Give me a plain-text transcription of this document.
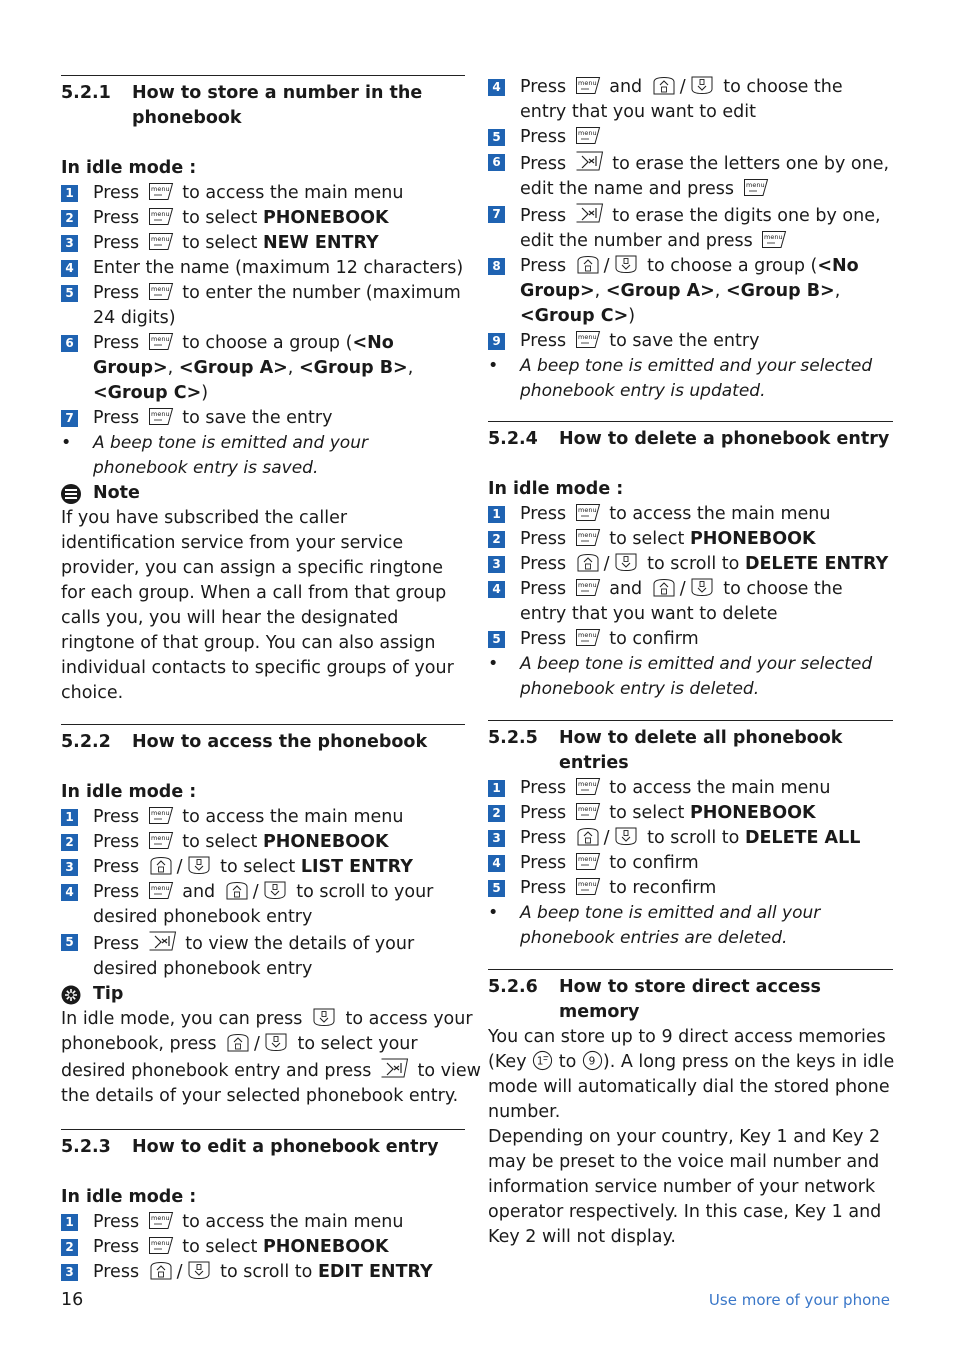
5.2.1	How to store a number in the phonebook
In idle mode :
1 Press to access the main menu
2 Press to select PHONEBOOK
3 Press to select NEW ENTRY
4 Enter the name (maximum 12 characters)
5 Press to enter the number (maximum 24 digits)
6 Press to choose a group (<No Group>, <Group A>, <Group B>, <Group C>)
7 Press to save the entry
•	A beep tone is emitted and your phonebook entry is saved.
Note
If you have subscribed the caller identification service from your service provider, you can assign a specific ringtone for each group. When a call from that group calls you, you will hear the designated ringtone of that group. You can also assign individual contacts to specific groups of your choice.
5.2.2	How to access the phonebook
In idle mode :
1 Press to access the main menu
2 Press to select PHONEBOOK
3 Press / to select LIST ENTRY
4 Press and / to scroll to your desired phonebook entry
5 Press	to view the details of your desired phonebook entry
Tip
In idle mode, you can press to access your
phonebook, press / to select your
desired phonebook entry and press	to view
the details of your selected phonebook entry.
5.2.3	How to edit a phonebook entry
In idle mode :
1 Press to access the main menu
2 Press to select PHONEBOOK
3 Press / to scroll to EDIT ENTRY
4 Press and / to choose the entry that you want to edit
5 Press
6 Press	to erase the letters one by one, edit the name and press
7 Press	to erase the digits one by one, edit the number and press
8 Press / to choose a group (<No Group>, <Group A>, <Group B>, <Group C>)
9 Press to save the entry
•	A beep tone is emitted and your selected phonebook entry is updated.
5.2.4	How to delete a phonebook entry
In idle mode :
1 Press to access the main menu
2 Press to select PHONEBOOK
3 Press / to scroll to DELETE ENTRY
4 Press and / to choose the entry that you want to delete
5 Press to confirm
•	A beep tone is emitted and your selected phonebook entry is deleted.
5.2.5	How to delete all phonebook entries
1 Press to access the main menu
2 Press to select PHONEBOOK
3 Press / to scroll to DELETE ALL
4 Press to confirm
5 Press to reconfirm
•	A beep tone is emitted and all your phonebook entries are deleted.
5.2.6	How to store direct access memory
You can store up to 9 direct access memories
(Key to ). A long press on the keys in idle
mode will automatically dial the stored phone number.
Depending on your country, Key 1 and Key 2 may be preset to the voice mail number and information service number of your network operator respectively. In this case, Key 1 and Key 2 will not display.
16	Use more of your phone
